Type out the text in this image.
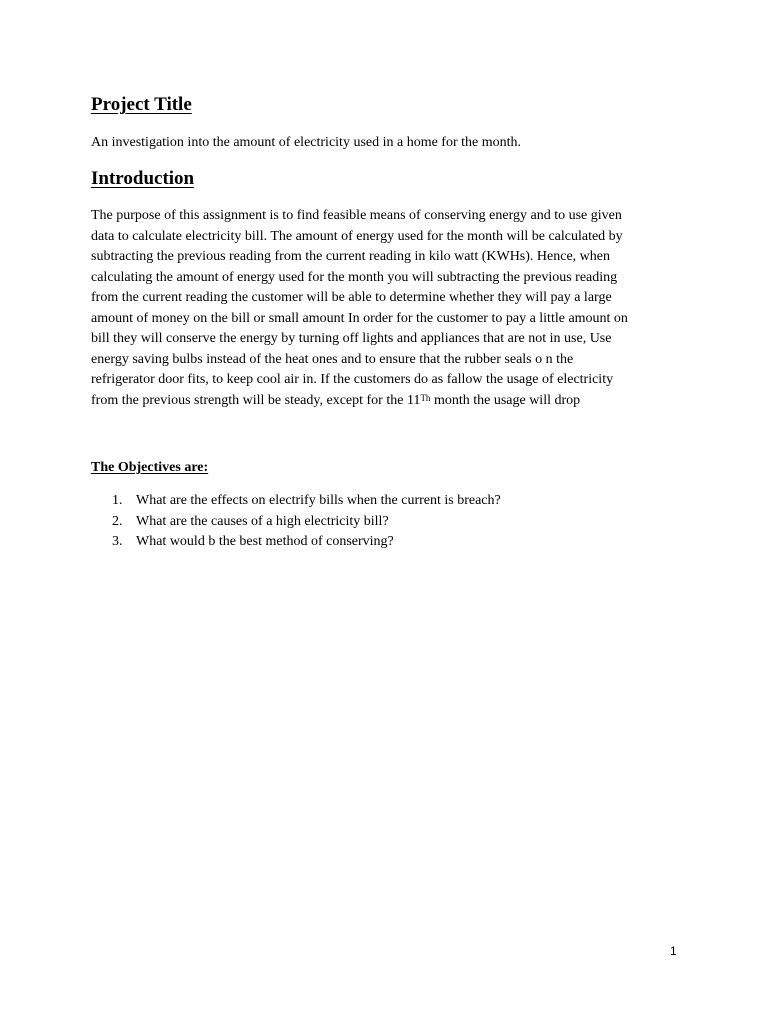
Project Title

An investigation into the amount of electricity used in a home for the month.

Introduction
The purpose of this assignment is to find feasible means of conserving energy and to use given
data to calculate electricity bill. The amount of energy used for the month will be calculated by
subtracting the previous reading from the current reading in kilo watt (KWHs). Hence, when
calculating the amount of energy used for the month you will subtracting the previous reading
from the current reading the customer will be able to determine whether they will pay a large
amount of money on the bill or small amount In order for the customer to pay a little amount on
bill they will conserve the energy by turning off lights and appliances that are not in use, Use
energy saving bulbs instead of the heat ones and to ensure that the rubber seals o n the
refrigerator door fits, to keep cool air in. If the customers do as fallow the usage of electricity
from the previous strength will be steady, except for the 11Th month the usage will drop

The Objectives are:

1. What are the effects on electrify bills when the current is breach?
2. What are the causes of a high electricity bill?
3. What would b the best method of conserving?
1
